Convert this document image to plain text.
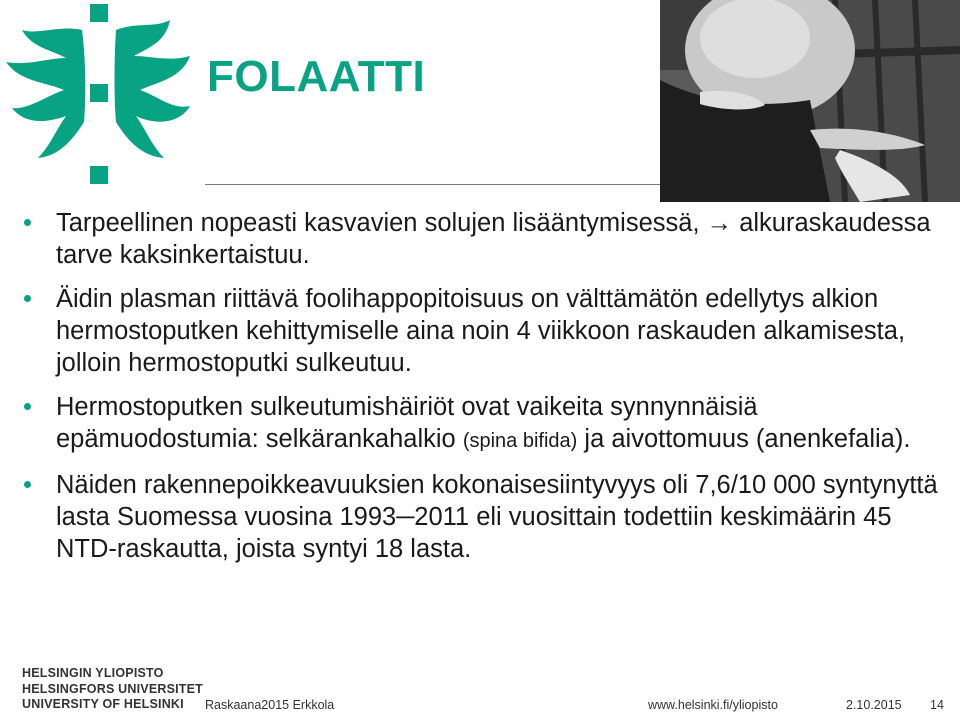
FOLAATTI
Tarpeellinen nopeasti kasvavien solujen lisääntymisessä, → alkuraskaudessa tarve kaksinkertaistuu.
Äidin plasman riittävä foolihappopitoisuus on välttämätön edellytys alkion hermostoputken kehittymiselle aina noin 4 viikkoon raskauden alkamisesta, jolloin hermostoputki sulkeutuu.
Hermostoputken sulkeutumishäiriöt ovat vaikeita synnynnäisiä epämuodostumia: selkärankahalkio (spina bifida) ja aivottomuus (anenkefalia).
Näiden rakennepoikkeavuuksien kokonaisesiintyvyys oli 7,6/10 000 syntynyttä lasta Suomessa vuosina 1993─2011 eli vuosittain todettiin keskimäärin 45 NTD-raskautta, joista syntyi 18 lasta.
HELSINGIN YLIOPISTO
HELSINGFORS UNIVERSITET
UNIVERSITY OF HELSINKI	Raskaana2015 Erkkola	www.helsinki.fi/yliopisto	2.10.2015 14
